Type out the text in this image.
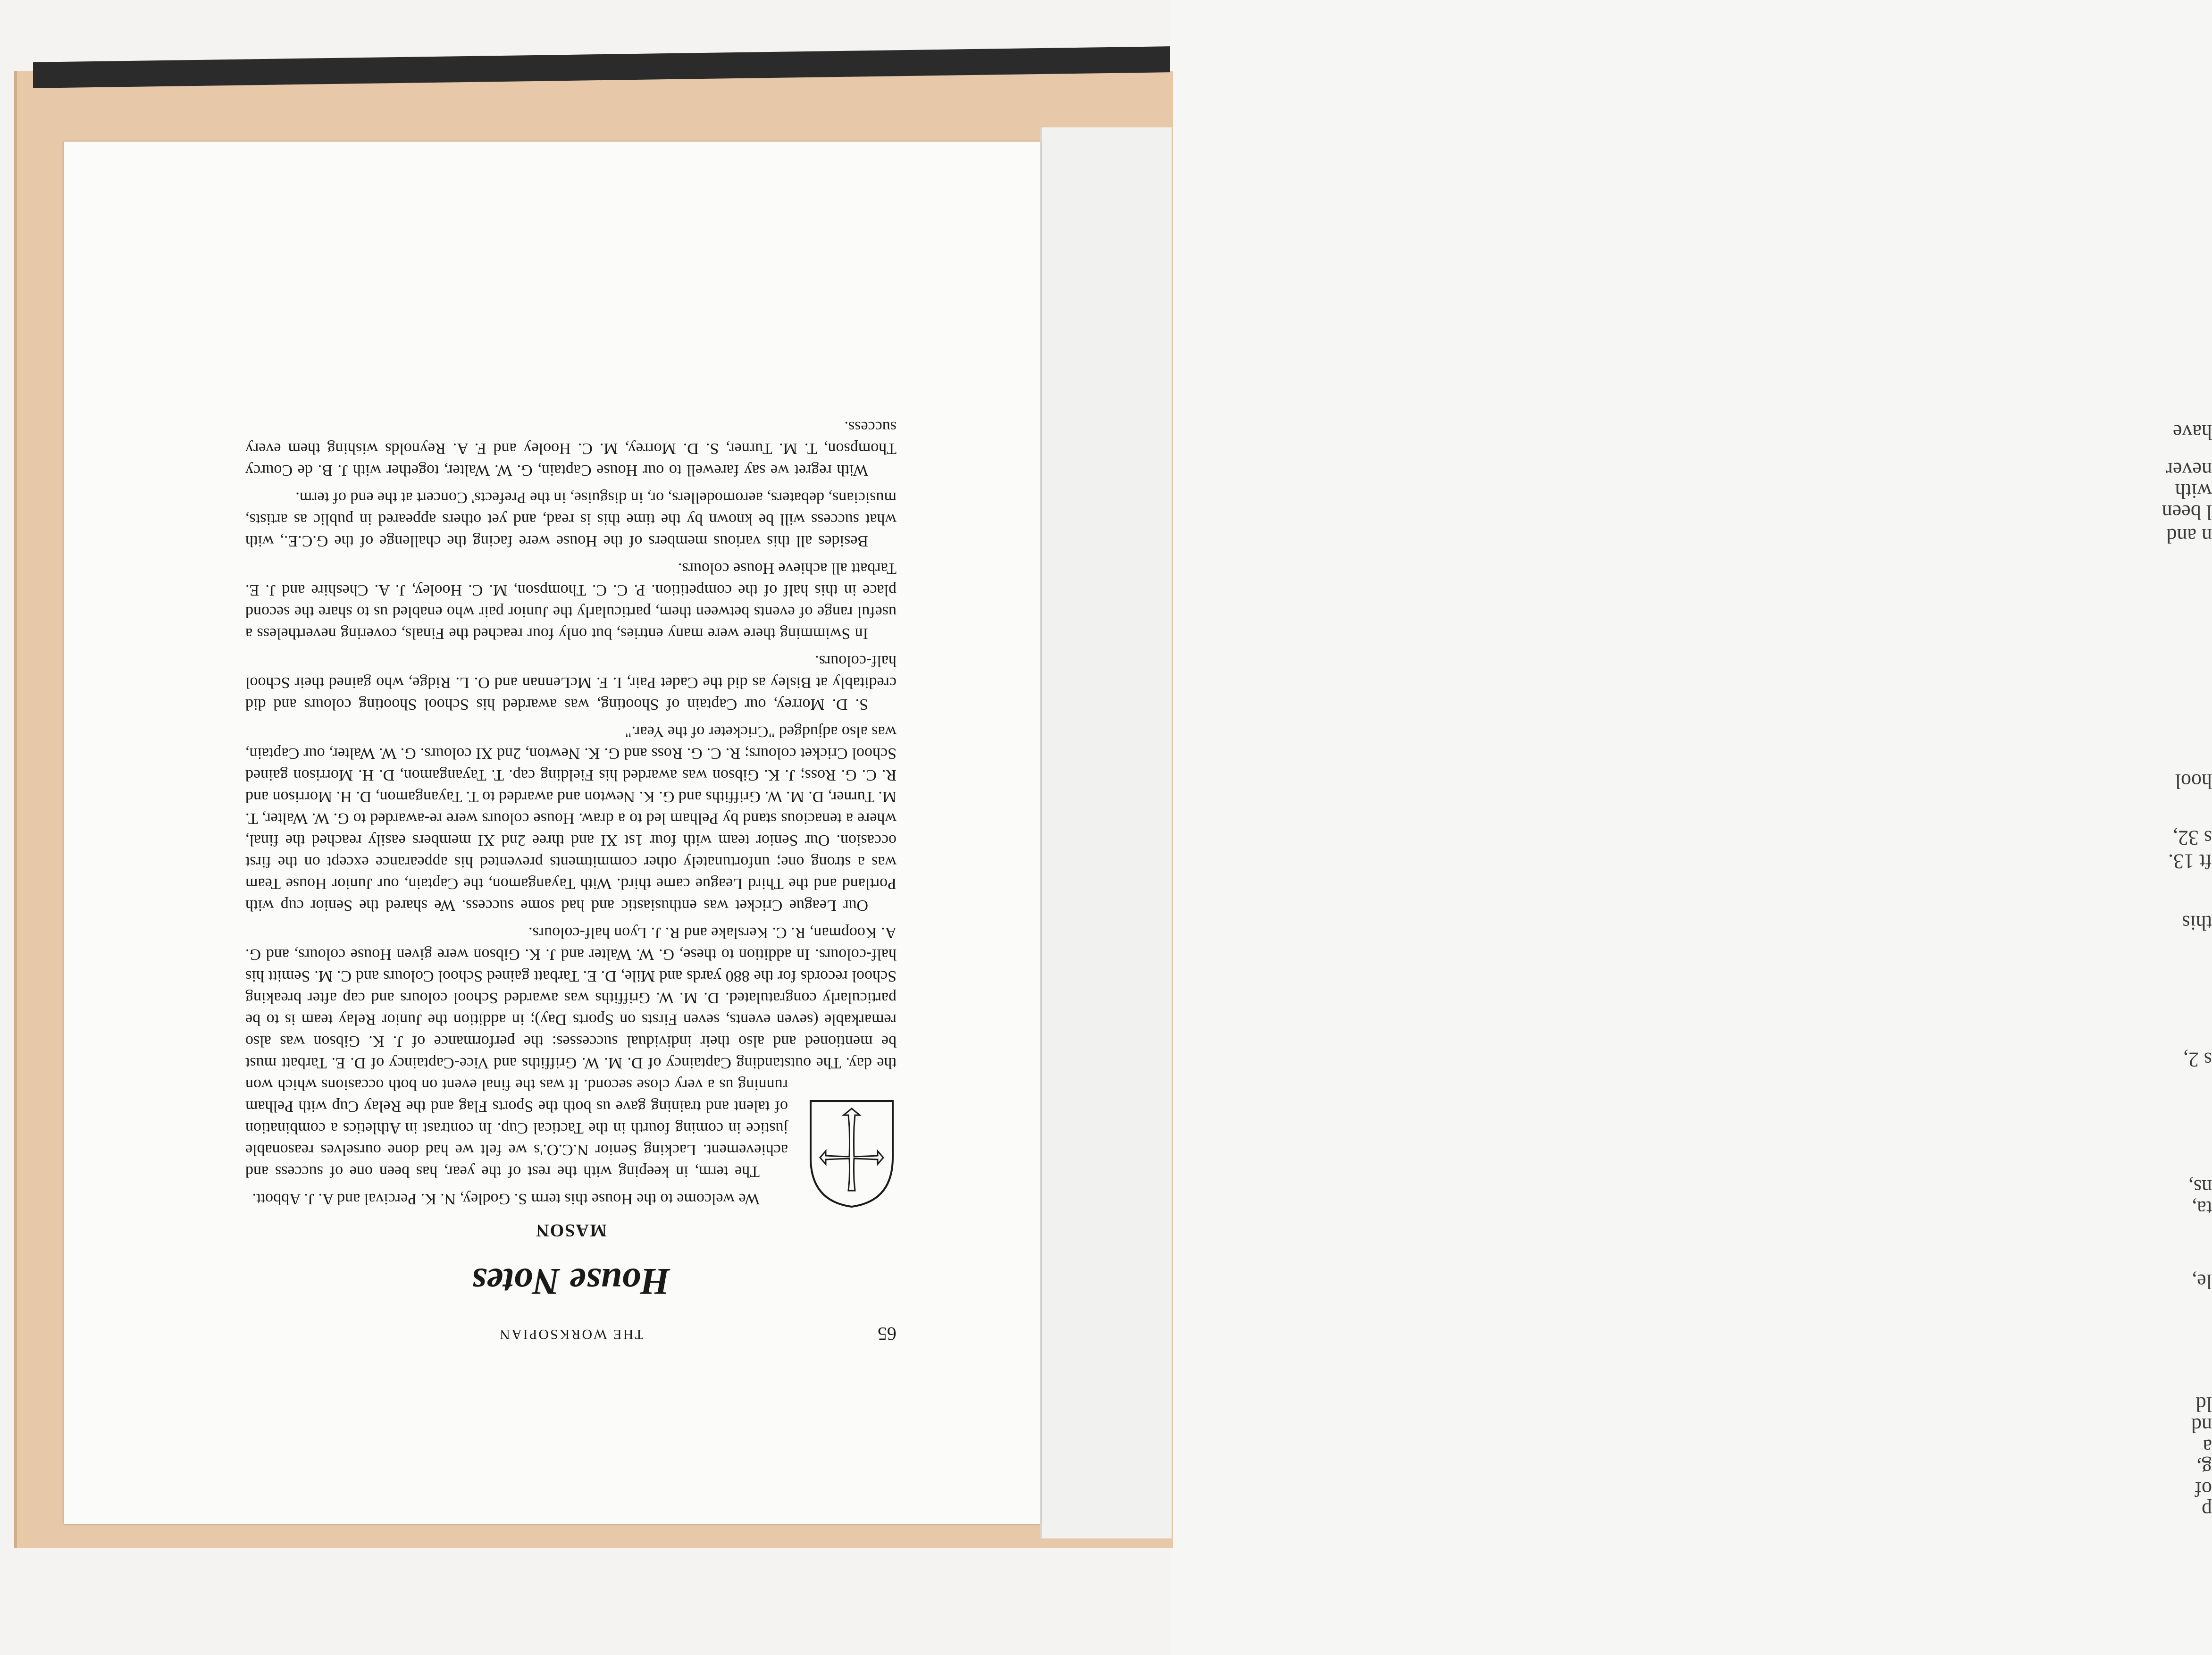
have
never
with
l been
n and
hool
s 32,
ft 13.
this
s 2,
ns,
ta,
le,
ld
nd
a
g,
of
p
65
THE WORKSOPIAN
House Notes
MASON

We welcome to the House this term S. Godley, N. K. Percival and A. J. Abbott.

The term, in keeping with the rest of the year, has been one of success and achievement. Lacking Senior N.C.O.'s we felt we had done ourselves reasonable justice in coming fourth in the Tactical Cup. In contrast in Athletics a combination of talent and training gave us both the Sports Flag and the Relay Cup with Pelham running us a very close second. It was the final event on both occasions which won the day. The outstanding Captaincy of D. M. W. Griffiths and Vice-Captaincy of D. E. Tarbatt must be mentioned and also their individual successes: the performance of J. K. Gibson was also remarkable (seven events, seven Firsts on Sports Day); in addition the Junior Relay team is to be particularly congratulated. D. M. W. Griffiths was awarded School colours and cap after breaking School records for the 880 yards and Mile, D. E. Tarbatt gained School Colours and C. M. Semitt his half-colours. In addition to these, G. W. Walter and J. K. Gibson were given House colours, and G. A. Koopman, R. C. Kerslake and R. J. Lyon half-colours.

Our League Cricket was enthusiastic and had some success. We shared the Senior cup with Portland and the Third League came third. With Tayangamon, the Captain, our Junior House Team was a strong one; unfortunately other commitments prevented his appearance except on the first occasion. Our Senior team with four 1st XI and three 2nd XI members easily reached the final, where a tenacious stand by Pelham led to a draw. House colours were re-awarded to G. W. Walter, T. M. Turner, D. M. W. Griffiths and G. K. Newton and awarded to T. Tayangamon, D. H. Morrison and R. C. G. Ross; J. K. Gibson was awarded his Fielding cap. T. Tayangamon, D. H. Morrison gained School Cricket colours; R. C. G. Ross and G. K. Newton, 2nd XI colours. G. W. Walter, our Captain, was also adjudged "Cricketer of the Year."

S. D. Morrey, our Captain of Shooting, was awarded his School Shooting colours and did creditably at Bisley as did the Cadet Pair, I. F. McLennan and O. L. Ridge, who gained their School half-colours.

In Swimming there were many entries, but only four reached the Finals, covering nevertheless a useful range of events between them, particularly the Junior pair who enabled us to share the second place in this half of the competition. P. C. C. Thompson, M. C. Hooley, J. A. Cheshire and J. E. Tarbatt all achieve House colours.

Besides all this various members of the House were facing the challenge of the G.C.E., with what success will be known by the time this is read, and yet others appeared in public as artists, musicians, debaters, aeromodellers, or, in disguise, in the Prefects' Concert at the end of term.

With regret we say farewell to our House Captain, G. W. Walter, together with J. B. de Courcy Thompson, T. M. Turner, S. D. Morrey, M. C. Hooley and F. A. Reynolds wishing them every success.
